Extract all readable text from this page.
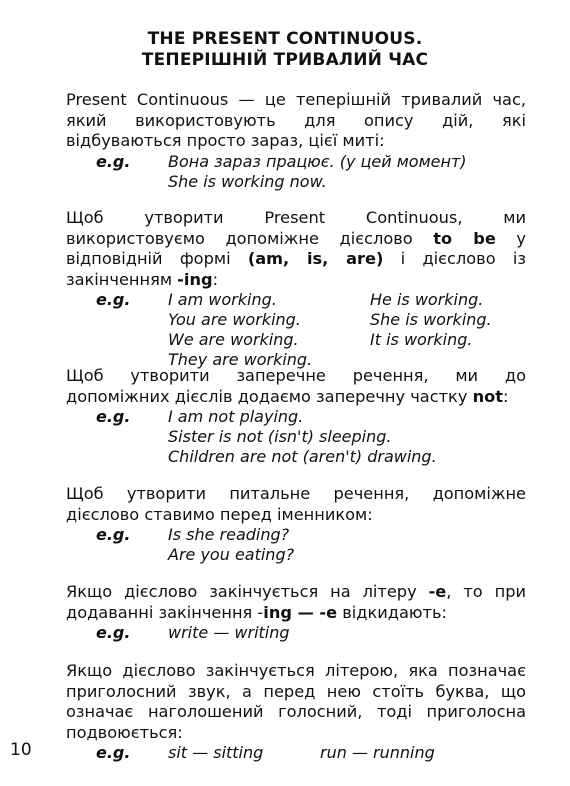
THE PRESENT CONTINUOUS.
ТЕПЕРІШНІЙ ТРИВАЛИЙ ЧАС

Present Continuous — це теперішній тривалий час, який використовують для опису дій, які відбуваються просто зараз, цієї миті:

e.g. Вона зараз працює. (у цей момент)
She is working now.

Щоб утворити Present Continuous, ми використовуємо допоміжне дієслово to be у відповідній формі (am, is, are) і дієслово із закінченням -ing:

e.g. I am working.	He is working.
You are working.	She is working.
We are working.	It is working.
They are working.

Щоб утворити заперечне речення, ми до допоміжних дієслів додаємо заперечну частку not:

e.g. I am not playing.
Sister is not (isn't) sleeping.
Children are not (aren't) drawing.

Щоб утворити питальне речення, допоміжне дієслово ставимо перед іменником:

e.g. Is she reading?
Are you eating?

Якщо дієслово закінчується на літеру -е, то при додаванні закінчення -ing — -e відкидають:

e.g. write — writing

Якщо дієслово закінчується літерою, яка позначає приголосний звук, а перед нею стоїть буква, що означає наголошений голосний, тоді приголосна подвоюється:

e.g. sit — sitting	run — running
10
